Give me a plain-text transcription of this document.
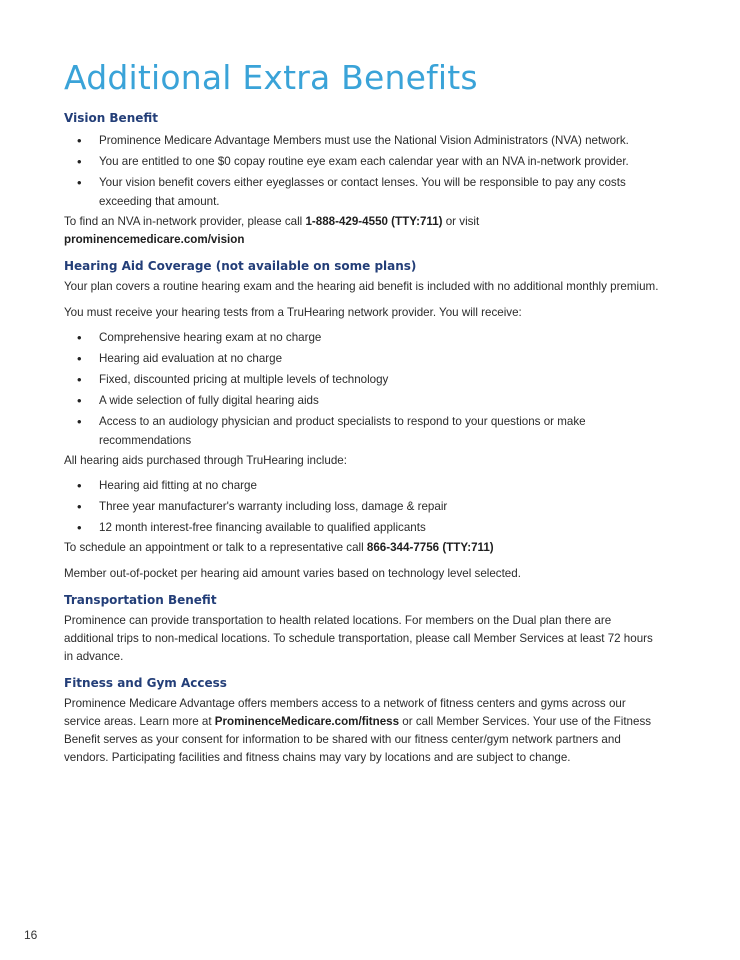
Additional Extra Benefits
Vision Benefit
• Prominence Medicare Advantage Members must use the National Vision Administrators (NVA) network.
• You are entitled to one $0 copay routine eye exam each calendar year with an NVA in-network provider.
• Your vision benefit covers either eyeglasses or contact lenses. You will be responsible to pay any costs exceeding that amount.

To find an NVA in-network provider, please call 1-888-429-4550 (TTY:711) or visit
prominencemedicare.com/vision

Hearing Aid Coverage (not available on some plans)

Your plan covers a routine hearing exam and the hearing aid benefit is included with no additional monthly premium.

You must receive your hearing tests from a TruHearing network provider. You will receive:

• Comprehensive hearing exam at no charge
• Hearing aid evaluation at no charge
• Fixed, discounted pricing at multiple levels of technology
• A wide selection of fully digital hearing aids
• Access to an audiology physician and product specialists to respond to your questions or make recommendations

All hearing aids purchased through TruHearing include:

• Hearing aid fitting at no charge
• Three year manufacturer's warranty including loss, damage & repair
• 12 month interest-free financing available to qualified applicants

To schedule an appointment or talk to a representative call 866-344-7756 (TTY:711)

Member out-of-pocket per hearing aid amount varies based on technology level selected.

Transportation Benefit

Prominence can provide transportation to health related locations. For members on the Dual plan there are additional trips to non-medical locations. To schedule transportation, please call Member Services at least 72 hours in advance.

Fitness and Gym Access

Prominence Medicare Advantage offers members access to a network of fitness centers and gyms across our service areas. Learn more at ProminenceMedicare.com/fitness or call Member Services. Your use of the Fitness Benefit serves as your consent for information to be shared with our fitness center/gym network partners and vendors. Participating facilities and fitness chains may vary by locations and are subject to change.

16
